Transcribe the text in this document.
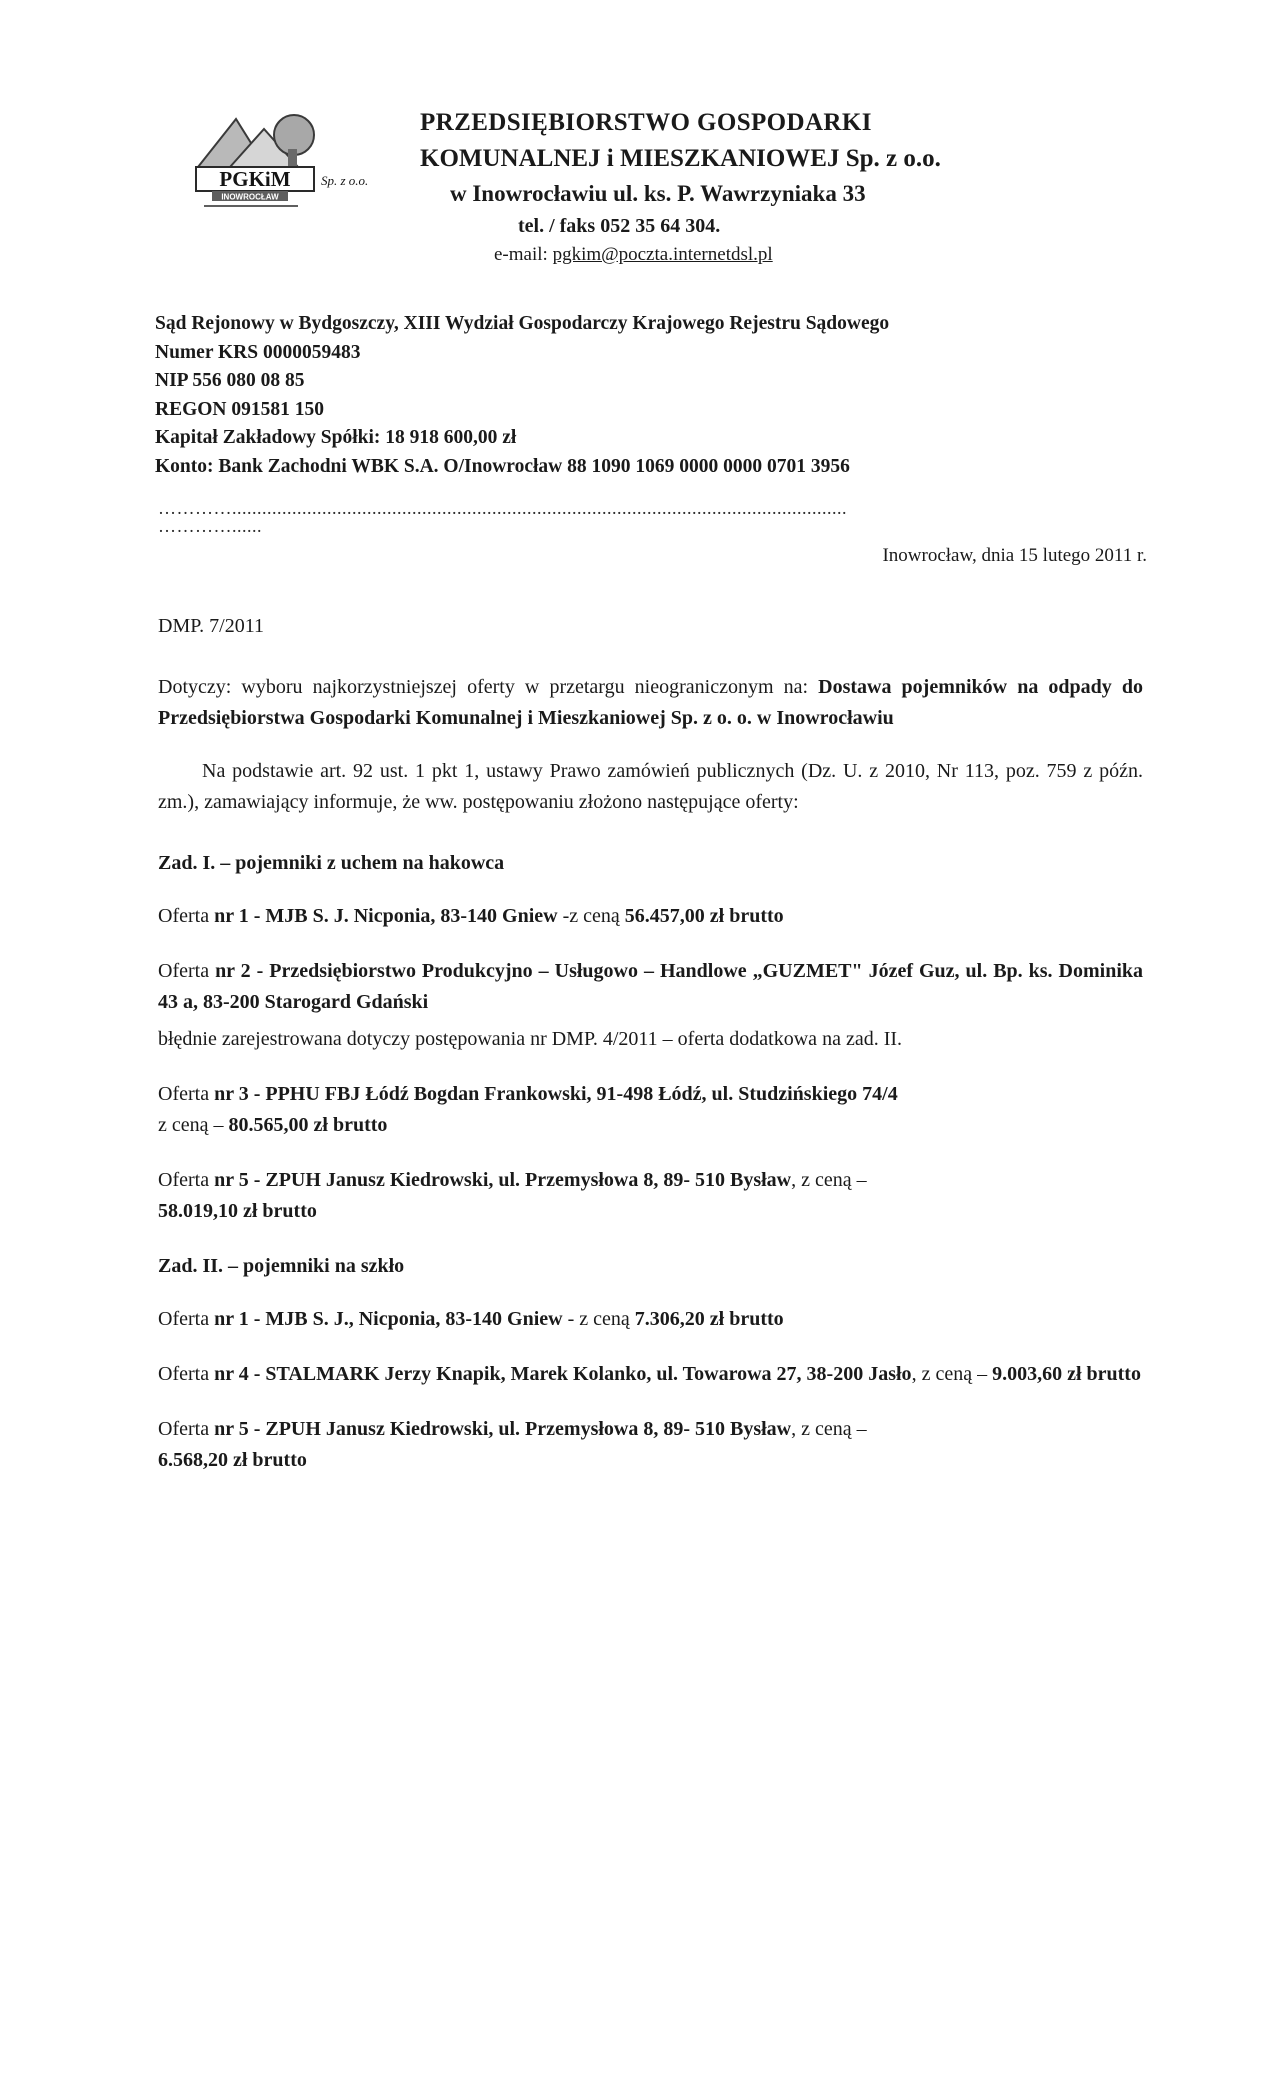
PGKiM
INOWROCŁAW
Sp. z o.o.
PRZEDSIĘBIORSTWO GOSPODARKI
KOMUNALNEJ i MIESZKANIOWEJ Sp. z o.o.
w Inowrocławiu ul. ks. P. Wawrzyniaka 33
tel. / faks 052 35 64 304.
e-mail: pgkim@poczta.internetdsl.pl
Sąd Rejonowy w Bydgoszczy, XIII Wydział Gospodarczy Krajowego Rejestru Sądowego
Numer KRS 0000059483
NIP 556 080 08 85
REGON 091581 150
Kapitał Zakładowy Spółki: 18 918 600,00 zł
Konto: Bank Zachodni WBK S.A. O/Inowrocław 88 1090 1069 0000 0000 0701 3956
…………...........................................................................................................................
…………......
Inowrocław, dnia 15 lutego 2011 r.
DMP. 7/2011

Dotyczy: wyboru najkorzystniejszej oferty w przetargu nieograniczonym na: Dostawa pojemników na odpady do Przedsiębiorstwa Gospodarki Komunalnej i Mieszkaniowej Sp. z o. o. w Inowrocławiu

Na podstawie art. 92 ust. 1 pkt 1, ustawy Prawo zamówień publicznych (Dz. U. z 2010, Nr 113, poz. 759 z późn. zm.), zamawiający informuje, że ww. postępowaniu złożono następujące oferty:

Zad. I. – pojemniki z uchem na hakowca

Oferta nr 1 - MJB S. J. Nicponia, 83-140 Gniew -z ceną 56.457,00 zł brutto

Oferta nr 2 - Przedsiębiorstwo Produkcyjno – Usługowo – Handlowe „GUZMET" Józef Guz, ul. Bp. ks. Dominika 43 a, 83-200 Starogard Gdański

błędnie zarejestrowana dotyczy postępowania nr DMP. 4/2011 – oferta dodatkowa na zad. II.

Oferta nr 3 - PPHU FBJ Łódź Bogdan Frankowski, 91-498 Łódź, ul. Studzińskiego 74/4
z ceną – 80.565,00 zł brutto

Oferta nr 5 - ZPUH Janusz Kiedrowski, ul. Przemysłowa 8, 89- 510 Bysław, z ceną –
58.019,10 zł brutto

Zad. II. – pojemniki na szkło

Oferta nr 1 - MJB S. J., Nicponia, 83-140 Gniew - z ceną 7.306,20 zł brutto

Oferta nr 4 - STALMARK Jerzy Knapik, Marek Kolanko, ul. Towarowa 27, 38-200 Jasło, z ceną – 9.003,60 zł brutto

Oferta nr 5 - ZPUH Janusz Kiedrowski, ul. Przemysłowa 8, 89- 510 Bysław, z ceną –
6.568,20 zł brutto
